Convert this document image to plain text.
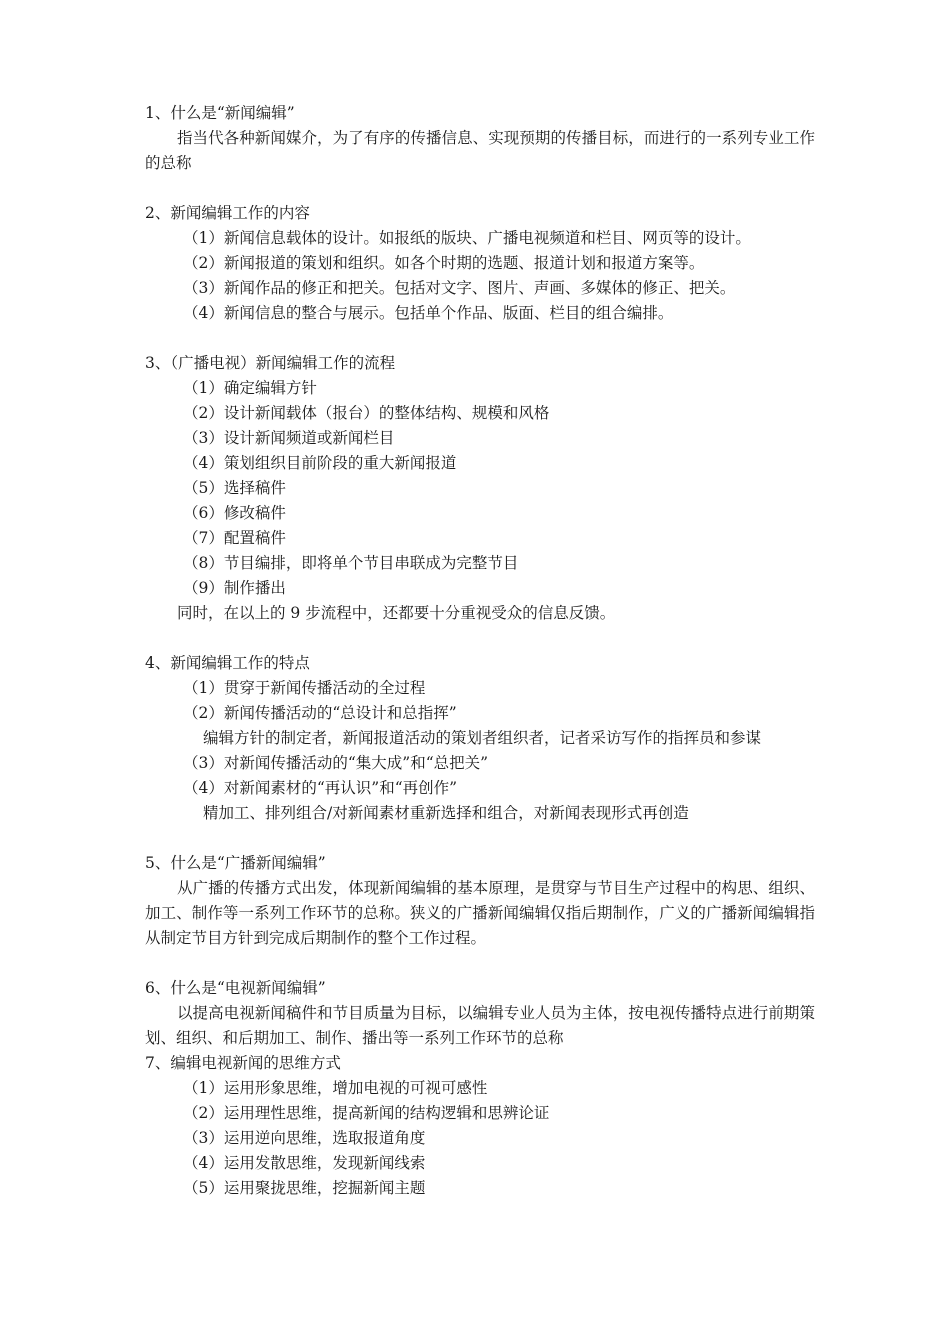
1、什么是“新闻编辑”
指当代各种新闻媒介，为了有序的传播信息、实现预期的传播目标，而进行的一系列专业工作的总称
2、新闻编辑工作的内容
（1）新闻信息载体的设计。如报纸的版块、广播电视频道和栏目、网页等的设计。
（2）新闻报道的策划和组织。如各个时期的选题、报道计划和报道方案等。
（3）新闻作品的修正和把关。包括对文字、图片、声画、多媒体的修正、把关。
（4）新闻信息的整合与展示。包括单个作品、版面、栏目的组合编排。
3、（广播电视）新闻编辑工作的流程
（1）确定编辑方针
（2）设计新闻载体（报台）的整体结构、规模和风格
（3）设计新闻频道或新闻栏目
（4）策划组织目前阶段的重大新闻报道
（5）选择稿件
（6）修改稿件
（7）配置稿件
（8）节目编排，即将单个节目串联成为完整节目
（9）制作播出
同时，在以上的 9 步流程中，还都要十分重视受众的信息反馈。
4、新闻编辑工作的特点
（1）贯穿于新闻传播活动的全过程
（2）新闻传播活动的“总设计和总指挥”
编辑方针的制定者，新闻报道活动的策划者组织者，记者采访写作的指挥员和参谋
（3）对新闻传播活动的“集大成”和“总把关”
（4）对新闻素材的“再认识”和“再创作”
精加工、排列组合/对新闻素材重新选择和组合，对新闻表现形式再创造
5、什么是“广播新闻编辑”
从广播的传播方式出发，体现新闻编辑的基本原理，是贯穿与节目生产过程中的构思、组织、加工、制作等一系列工作环节的总称。狭义的广播新闻编辑仅指后期制作，广义的广播新闻编辑指从制定节目方针到完成后期制作的整个工作过程。
6、什么是“电视新闻编辑”
以提高电视新闻稿件和节目质量为目标，以编辑专业人员为主体，按电视传播特点进行前期策划、组织、和后期加工、制作、播出等一系列工作环节的总称
7、编辑电视新闻的思维方式
（1）运用形象思维，增加电视的可视可感性
（2）运用理性思维，提高新闻的结构逻辑和思辨论证
（3）运用逆向思维，选取报道角度
（4）运用发散思维，发现新闻线索
（5）运用聚拢思维，挖掘新闻主题
